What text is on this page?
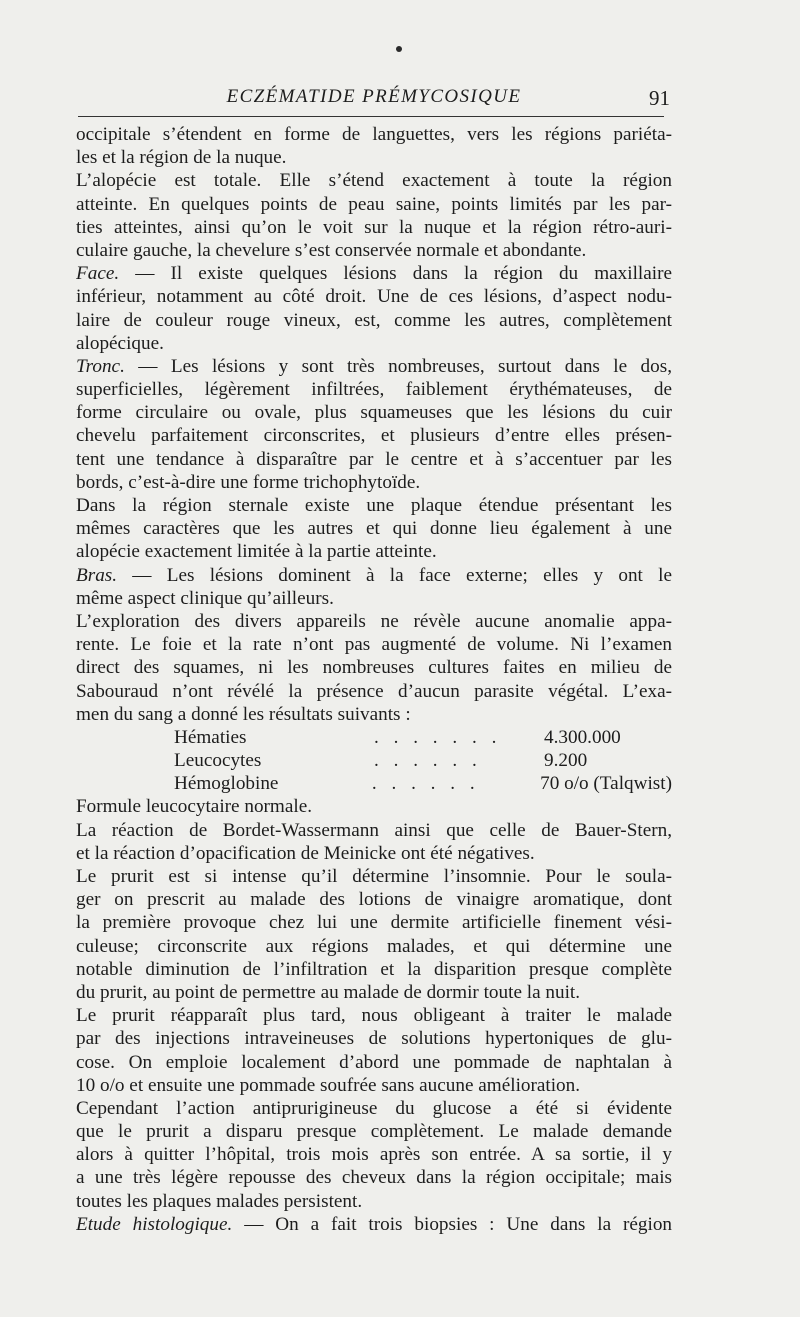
ECZÉMATIDE PRÉMYCOSIQUE	91
occipitale s’étendent en forme de languettes, vers les régions pariéta-
les et la région de la nuque.
L’alopécie est totale. Elle s’étend exactement à toute la région
atteinte. En quelques points de peau saine, points limités par les par-
ties atteintes, ainsi qu’on le voit sur la nuque et la région rétro-auri-
culaire gauche, la chevelure s’est conservée normale et abondante.
Face. — Il existe quelques lésions dans la région du maxillaire
inférieur, notamment au côté droit. Une de ces lésions, d’aspect nodu-
laire de couleur rouge vineux, est, comme les autres, complètement
alopécique.
Tronc. — Les lésions y sont très nombreuses, surtout dans le dos,
superficielles, légèrement infiltrées, faiblement érythémateuses, de
forme circulaire ou ovale, plus squameuses que les lésions du cuir
chevelu parfaitement circonscrites, et plusieurs d’entre elles présen-
tent une tendance à disparaître par le centre et à s’accentuer par les
bords, c’est-à-dire une forme trichophytoïde.
Dans la région sternale existe une plaque étendue présentant les
mêmes caractères que les autres et qui donne lieu également à une
alopécie exactement limitée à la partie atteinte.
Bras. — Les lésions dominent à la face externe; elles y ont le
même aspect clinique qu’ailleurs.
L’exploration des divers appareils ne révèle aucune anomalie appa-
rente. Le foie et la rate n’ont pas augmenté de volume. Ni l’examen
direct des squames, ni les nombreuses cultures faites en milieu de
Sabouraud n’ont révélé la présence d’aucun parasite végétal. L’exa-
men du sang a donné les résultats suivants :
Hématies	. . . . . . .	4.300.000
Leucocytes	. . . . . .	9.200
Hémoglobine	. . . . . .	70 o/o (Talqwist)
Formule leucocytaire normale.
La réaction de Bordet-Wassermann ainsi que celle de Bauer-Stern,
et la réaction d’opacification de Meinicke ont été négatives.
Le prurit est si intense qu’il détermine l’insomnie. Pour le soula-
ger on prescrit au malade des lotions de vinaigre aromatique, dont
la première provoque chez lui une dermite artificielle finement vési-
culeuse; circonscrite aux régions malades, et qui détermine une
notable diminution de l’infiltration et la disparition presque complète
du prurit, au point de permettre au malade de dormir toute la nuit.
Le prurit réapparaît plus tard, nous obligeant à traiter le malade
par des injections intraveineuses de solutions hypertoniques de glu-
cose. On emploie localement d’abord une pommade de naphtalan à
10 o/o et ensuite une pommade soufrée sans aucune amélioration.
Cependant l’action antiprurigineuse du glucose a été si évidente
que le prurit a disparu presque complètement. Le malade demande
alors à quitter l’hôpital, trois mois après son entrée. A sa sortie, il y
a une très légère repousse des cheveux dans la région occipitale; mais
toutes les plaques malades persistent.
Etude histologique. — On a fait trois biopsies : Une dans la région
